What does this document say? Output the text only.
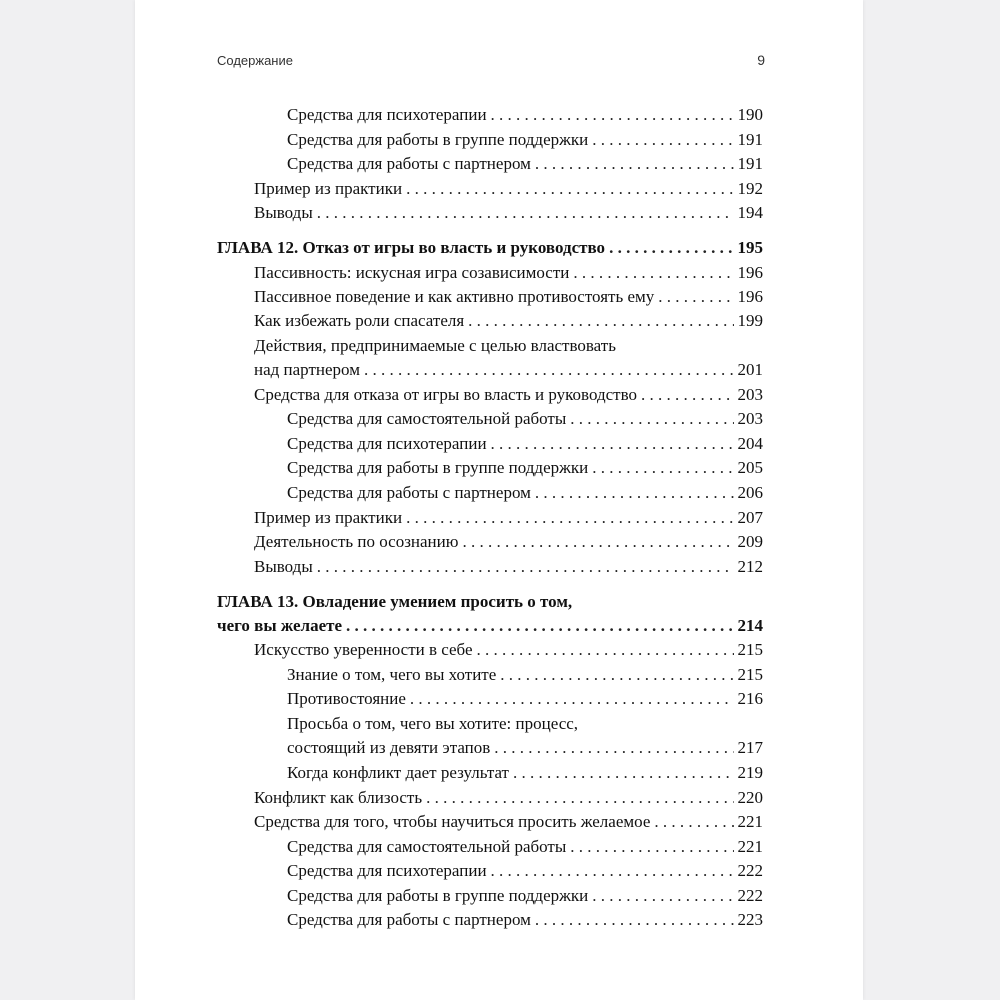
Содержание	9
Средства для психотерапии . . .	190
Средства для работы в группе поддержки . . .	191
Средства для работы с партнером . . .	191
Пример из практики . . .	192
Выводы . . .	194
ГЛАВА 12. Отказ от игры во власть и руководство . . .	195
Пассивность: искусная игра созависимости . . .	196
Пассивное поведение и как активно противостоять ему . . .	196
Как избежать роли спасателя . . .	199
Действия, предпринимаемые с целью властвовать
над партнером . . .	201
Средства для отказа от игры во власть и руководство . . .	203
Средства для самостоятельной работы . . .	203
Средства для психотерапии . . .	204
Средства для работы в группе поддержки . . .	205
Средства для работы с партнером . . .	206
Пример из практики . . .	207
Деятельность по осознанию . . .	209
Выводы . . .	212
ГЛАВА 13. Овладение умением просить о том,
чего вы желаете . . .	214
Искусство уверенности в себе . . .	215
Знание о том, чего вы хотите . . .	215
Противостояние . . .	216
Просьба о том, чего вы хотите: процесс,
состоящий из девяти этапов . . .	217
Когда конфликт дает результат . . .	219
Конфликт как близость . . .	220
Средства для того, чтобы научиться просить желаемое . . .	221
Средства для самостоятельной работы . . .	221
Средства для психотерапии . . .	222
Средства для работы в группе поддержки . . .	222
Средства для работы с партнером . . .	223
